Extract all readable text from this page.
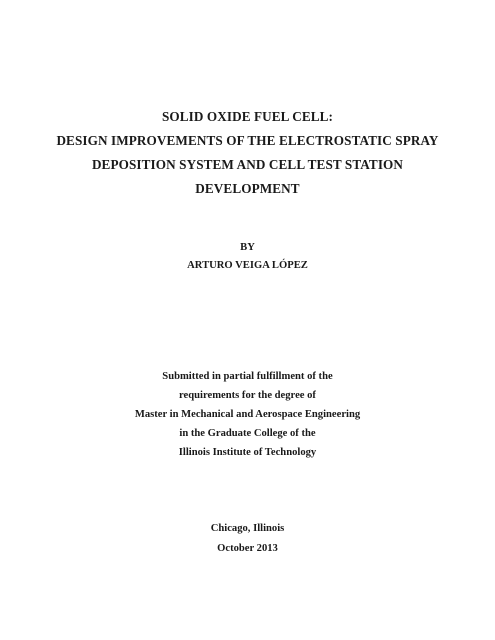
SOLID OXIDE FUEL CELL:
DESIGN IMPROVEMENTS OF THE ELECTROSTATIC SPRAY
DEPOSITION SYSTEM AND CELL TEST STATION
DEVELOPMENT
BY
ARTURO VEIGA LÓPEZ
Submitted in partial fulfillment of the
requirements for the degree of
Master in Mechanical and Aerospace Engineering
in the Graduate College of the
Illinois Institute of Technology
Chicago, Illinois
October 2013
